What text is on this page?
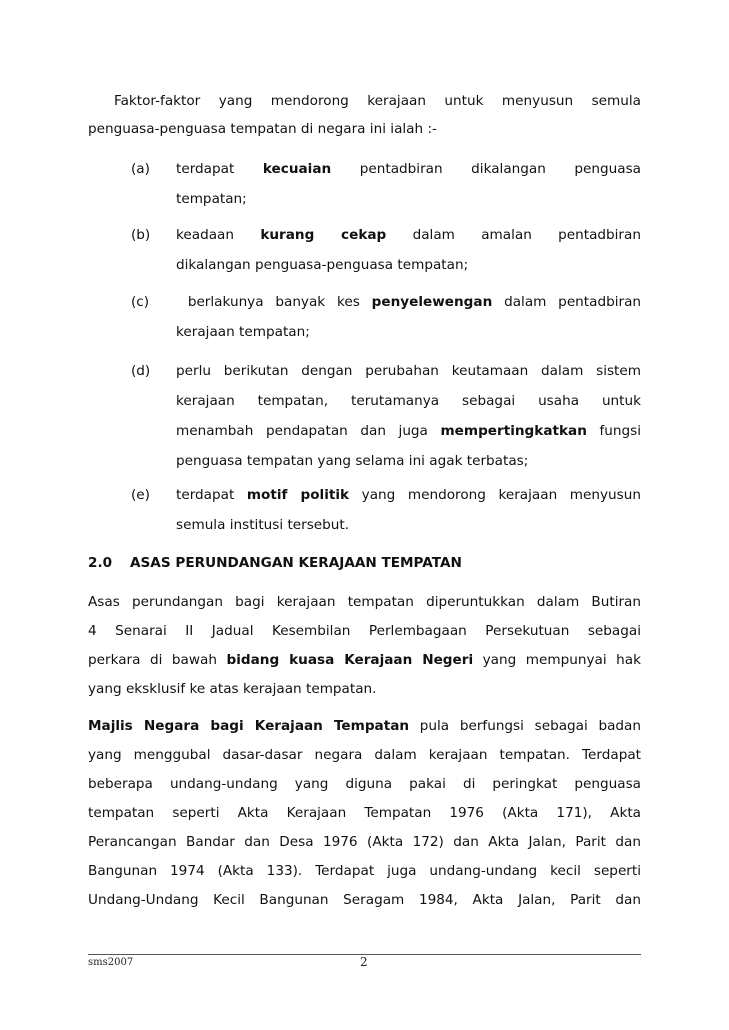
Faktor-faktor yang mendorong kerajaan untuk menyusun semula
penguasa-penguasa tempatan di negara ini ialah :-
(a) terdapat kecuaian pentadbiran dikalangan penguasa
tempatan;
(b) keadaan kurang cekap dalam amalan pentadbiran
dikalangan penguasa-penguasa tempatan;
(c)	berlakunya banyak kes penyelewengan dalam pentadbiran
kerajaan tempatan;
(d) perlu berikutan dengan perubahan keutamaan dalam sistem
kerajaan tempatan, terutamanya sebagai usaha untuk
menambah pendapatan dan juga mempertingkatkan fungsi
penguasa tempatan yang selama ini agak terbatas;
(e) terdapat motif politik yang mendorong kerajaan menyusun
semula institusi tersebut.
2.0 ASAS PERUNDANGAN KERAJAAN TEMPATAN
Asas perundangan bagi kerajaan tempatan diperuntukkan dalam Butiran
4 Senarai II Jadual Kesembilan Perlembagaan Persekutuan sebagai
perkara di bawah bidang kuasa Kerajaan Negeri yang mempunyai hak
yang eksklusif ke atas kerajaan tempatan.
Majlis Negara bagi Kerajaan Tempatan pula berfungsi sebagai badan
yang menggubal dasar-dasar negara dalam kerajaan tempatan. Terdapat
beberapa undang-undang yang diguna pakai di peringkat penguasa
tempatan seperti Akta Kerajaan Tempatan 1976 (Akta 171), Akta
Perancangan Bandar dan Desa 1976 (Akta 172) dan Akta Jalan, Parit dan
Bangunan 1974 (Akta 133). Terdapat juga undang-undang kecil seperti
Undang-Undang Kecil Bangunan Seragam 1984, Akta Jalan, Parit dan
sms2007	2
